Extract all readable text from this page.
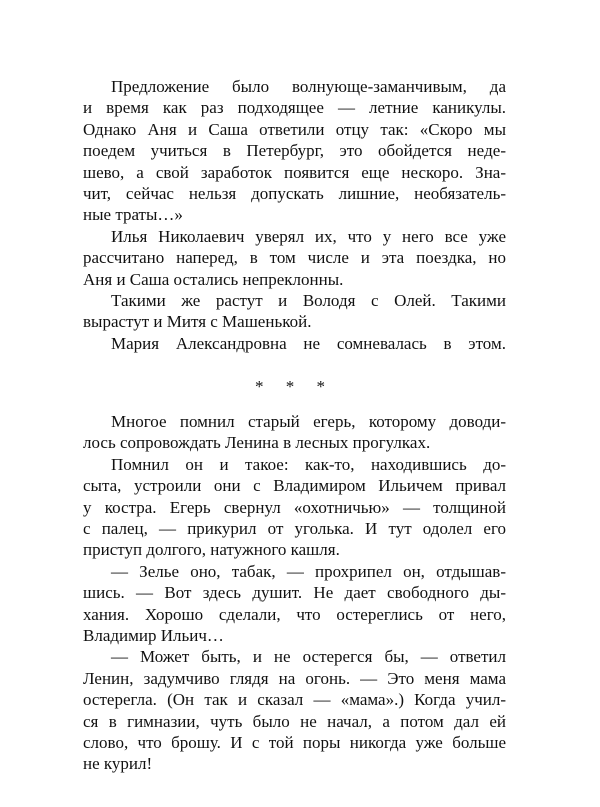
Предложение было волнующе-заманчивым, да
и время как раз подходящее — летние каникулы.
Однако Аня и Саша ответили отцу так: «Скоро мы
поедем учиться в Петербург, это обойдется нeде-
шево, а свой заработок появится еще нескоро. Зна-
чит, сейчас нельзя допускать лишние, необязатель-
ные траты…»

Илья Николаевич уверял их, что у него все уже
рассчитано наперед, в том числе и эта поездка, но
Аня и Саша остались непреклонны.

Такими же растут и Володя с Олей. Такими
вырастут и Митя с Машенькой.

Мария Александровна не сомневалась в этом.

* * *

Многое помнил старый егерь, которому доводи-
лось сопровождать Ленина в лесных прогулках.

Помнил он и такое: как-то, находившись до-
сыта, устроили они с Владимиром Ильичем привал
у костра. Егерь свернул «охотничью» — толщиной
с палец, — прикурил от уголька. И тут одолел его
приступ долгого, натужного кашля.

— Зелье оно, табак, — прохрипел он, отдышав-
шись. — Вот здесь душит. Не дает свободного ды-
хания. Хорошо сделали, что остереглись от него,
Владимир Ильич…

— Может быть, и не остерегся бы, — ответил
Ленин, задумчиво глядя на огонь. — Это меня мама
остерегла. (Он так и сказал — «мама».) Когда учил-
ся в гимназии, чуть было не начал, а потом дал ей
слово, что брошу. И с той поры никогда уже больше
не курил!
